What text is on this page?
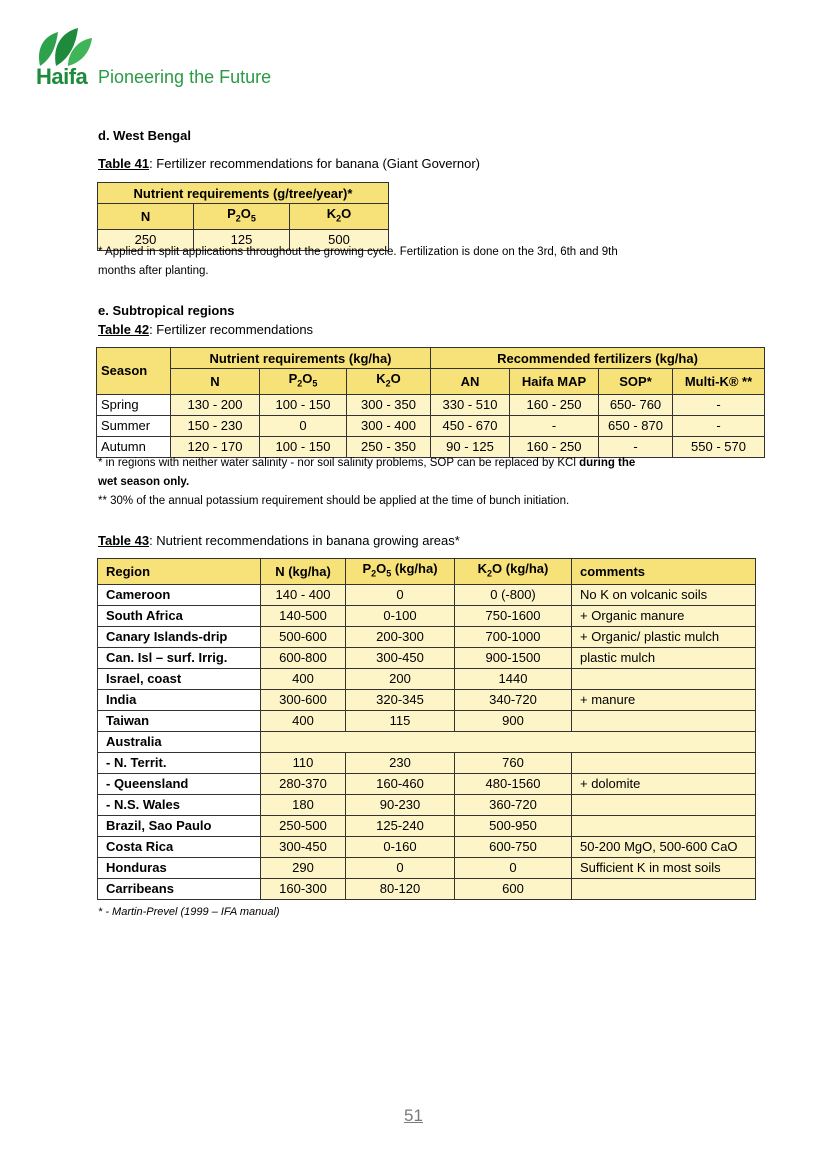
Haifa Pioneering the Future
d. West Bengal
Table 41: Fertilizer recommendations for banana (Giant Governor)
Nutrient requirements (g/tree/year)*		
N	$P_2O_5$	$K_2O$
250	125	500
* Applied in split applications throughout the growing cycle. Fertilization is done on the 3rd, 6th and 9th
months after planting.
e. Subtropical regions
Table 42: Fertilizer recommendations
Season	Nutrient requirements (kg/ha)			Recommended fertilizers (kg/ha)			
	N	$P_2O_5$	$K_2O$	AN	Haifa MAP	SOP*	Multi-K® **
Spring	130 - 200	100 - 150	300 - 350	330 - 510	160 - 250	650- 760	-
Summer	150 - 230	0	300 - 400	450 - 670	-	650 - 870	-
Autumn	120 - 170	100 - 150	250 - 350	90 - 125	160 - 250	-	550 - 570
* in regions with neither water salinity - nor soil salinity problems, SOP can be replaced by KCl during the
wet season only.
** 30% of the annual potassium requirement should be applied at the time of bunch initiation.
Table 43: Nutrient recommendations in banana growing areas*
Region	N (kg/ha)	$P_2O_5$ (kg/ha)	$K_2O$ (kg/ha)	comments
Cameroon	140 - 400	0	0 (-800)	No K on volcanic soils
South Africa	140-500	0-100	750-1600	+ Organic manure
Canary Islands-drip	500-600	200-300	700-1000	+ Organic/ plastic mulch
Can. Isl – surf. Irrig.	600-800	300-450	900-1500	plastic mulch
Israel, coast	400	200	1440	
India	300-600	320-345	340-720	+ manure
Taiwan	400	115	900	
Australia				
- N. Territ.	110	230	760	
- Queensland	280-370	160-460	480-1560	+ dolomite
- N.S. Wales	180	90-230	360-720	
Brazil, Sao Paulo	250-500	125-240	500-950	
Costa Rica	300-450	0-160	600-750	50-200 MgO, 500-600 CaO
Honduras	290	0	0	Sufficient K in most soils
Carribeans	160-300	80-120	600	
* - Martin-Prevel (1999 – IFA manual)
51
